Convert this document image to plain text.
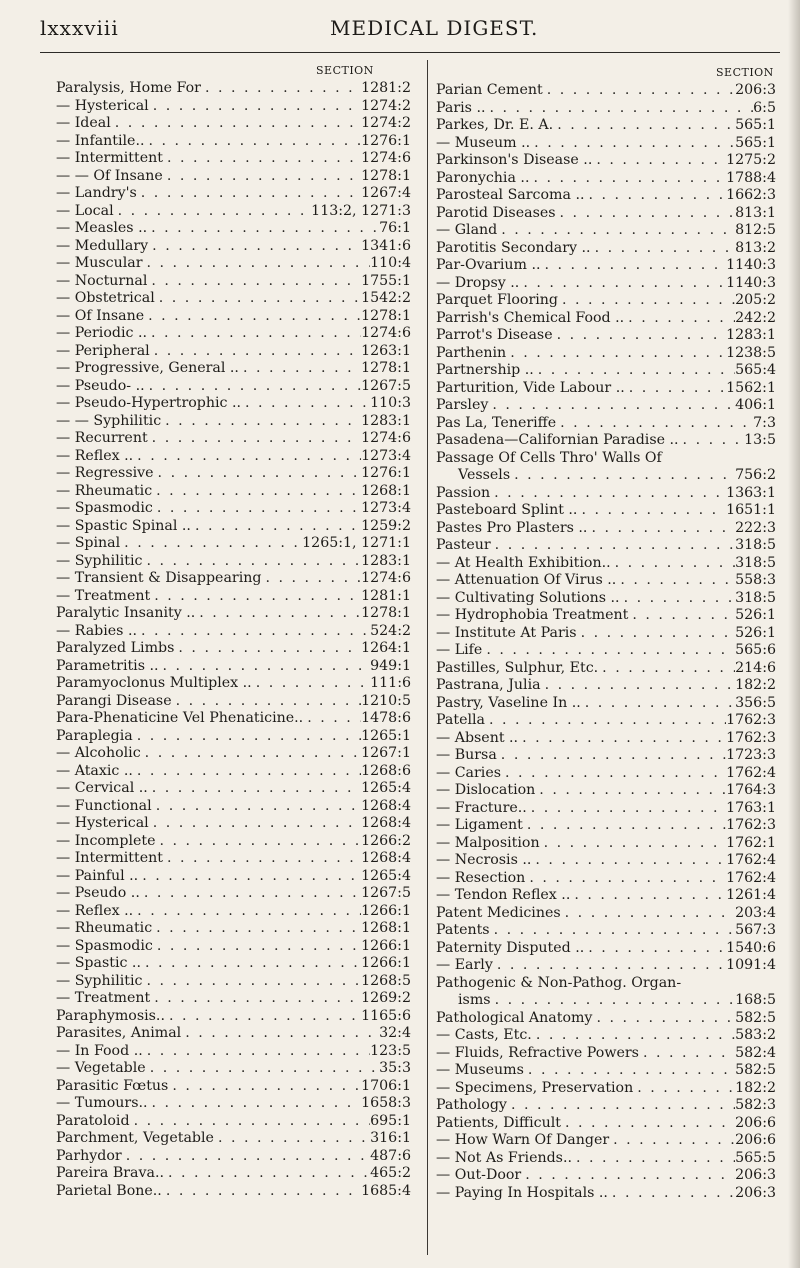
lxxxviii	MEDICAL DIGEST.
SECTION	SECTION
Paralysis, Home For . . .	1281:2
— Hysterical . . .	1274:2
— Ideal . . .	1274:2
— Infantile.. . . .	1276:1
— Intermittent . . .	1274:6
— — Of Insane . . .	1278:1
— Landry's . . .	1267:4
— Local . . .	113:2, 1271:3
— Measles .. . . .	76:1
— Medullary . . .	1341:6
— Muscular . . .	110:4
— Nocturnal . . .	1755:1
— Obstetrical . . .	1542:2
— Of Insane . . .	1278:1
— Periodic .. . . .	1274:6
— Peripheral . . .	1263:1
— Progressive, General .. . . .	1278:1
— Pseudo- .. . . .	1267:5
— Pseudo-Hypertrophic .. . . .	110:3
— — Syphilitic . . .	1283:1
— Recurrent . . .	1274:6
— Reflex .. . . .	1273:4
— Regressive . . .	1276:1
— Rheumatic . . .	1268:1
— Spasmodic . . .	1273:4
— Spastic Spinal .. . . .	1259:2
— Spinal . . .	1265:1, 1271:1
— Syphilitic . . .	1283:1
— Transient & Disappearing . . .	1274:6
— Treatment . . .	1281:1
Paralytic Insanity .. . . .	1278:1
— Rabies .. . . .	524:2
Paralyzed Limbs . . .	1264:1
Parametritis .. . . .	949:1
Paramyoclonus Multiplex .. . . .	111:6
Parangi Disease . . .	1210:5
Para-Phenaticine Vel Phenaticine.. . . .	1478:6
Paraplegia . . .	1265:1
— Alcoholic . . .	1267:1
— Ataxic .. . . .	1268:6
— Cervical .. . . .	1265:4
— Functional . . .	1268:4
— Hysterical . . .	1268:4
— Incomplete . . .	1266:2
— Intermittent . . .	1268:4
— Painful .. . . .	1265:4
— Pseudo .. . . .	1267:5
— Reflex .. . . .	1266:1
— Rheumatic . . .	1268:1
— Spasmodic . . .	1266:1
— Spastic .. . . .	1266:1
— Syphilitic . . .	1268:5
— Treatment . . .	1269:2
Paraphymosis.. . . .	1165:6
Parasites, Animal . . .	32:4
— In Food .. . . .	123:5
— Vegetable . . .	35:3
Parasitic Fœtus . . .	1706:1
— Tumours.. . . .	1658:3
Paratoloid . . .	695:1
Parchment, Vegetable . . .	316:1
Parhydor . . .	487:6
Pareira Brava.. . . .	465:2
Parietal Bone.. . . .	1685:4
Parian Cement . . .	206:3
Paris .. . . .	6:5
Parkes, Dr. E. A. . . .	565:1
— Museum .. . . .	565:1
Parkinson's Disease .. . . .	1275:2
Paronychia .. . . .	1788:4
Parosteal Sarcoma .. . . .	1662:3
Parotid Diseases . . .	813:1
— Gland . . .	812:5
Parotitis Secondary .. . . .	813:2
Par-Ovarium .. . . .	1140:3
— Dropsy .. . . .	1140:3
Parquet Flooring . . .	205:2
Parrish's Chemical Food .. . . .	242:2
Parrot's Disease . . .	1283:1
Parthenin . . .	1238:5
Partnership .. . . .	565:4
Parturition, Vide Labour .. . . .	1562:1
Parsley . . .	406:1
Pas La, Teneriffe . . .	7:3
Pasadena—Californian Paradise .. . . .	13:5
Passage Of Cells Thro' Walls Of
Vessels . . .	756:2
Passion . . .	1363:1
Pasteboard Splint .. . . .	1651:1
Pastes Pro Plasters .. . . .	222:3
Pasteur . . .	318:5
— At Health Exhibition.. . . .	318:5
— Attenuation Of Virus .. . . .	558:3
— Cultivating Solutions .. . . .	318:5
— Hydrophobia Treatment . . .	526:1
— Institute At Paris . . .	526:1
— Life . . .	565:6
Pastilles, Sulphur, Etc. . . .	214:6
Pastrana, Julia . . .	182:2
Pastry, Vaseline In .. . . .	356:5
Patella . . .	1762:3
— Absent .. . . .	1762:3
— Bursa . . .	1723:3
— Caries . . .	1762:4
— Dislocation . . .	1764:3
— Fracture.. . . .	1763:1
— Ligament . . .	1762:3
— Malposition . . .	1762:1
— Necrosis .. . . .	1762:4
— Resection . . .	1762:4
— Tendon Reflex .. . . .	1261:4
Patent Medicines . . .	203:4
Patents . . .	567:3
Paternity Disputed .. . . .	1540:6
— Early . . .	1091:4
Pathogenic & Non-Pathog. Organ-
isms . . .	168:5
Pathological Anatomy . . .	582:5
— Casts, Etc. . . .	583:2
— Fluids, Refractive Powers . . .	582:4
— Museums . . .	582:5
— Specimens, Preservation . . .	182:2
Pathology . . .	582:3
Patients, Difficult . . .	206:6
— How Warn Of Danger . . .	206:6
— Not As Friends.. . . .	565:5
— Out-Door . . .	206:3
— Paying In Hospitals .. . . .	206:3
